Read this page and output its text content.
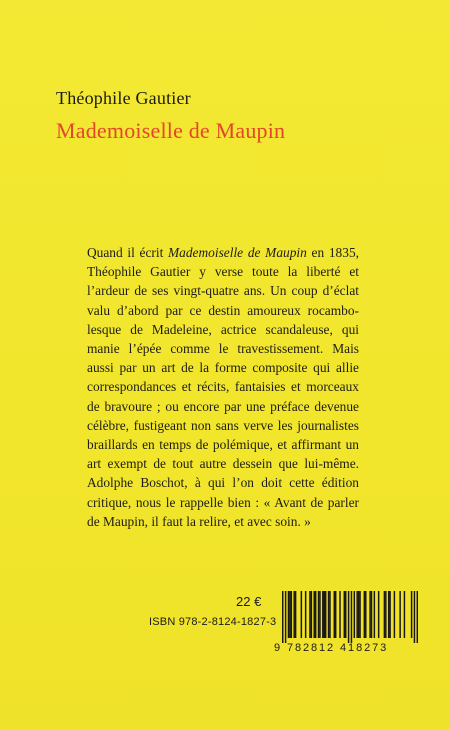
Théophile Gautier
Mademoiselle de Maupin
Quand il écrit Mademoiselle de Maupin en 1835,
Théophile Gautier y verse toute la liberté et
l’ardeur de ses vingt-quatre ans. Un coup d’éclat
valu d’abord par ce destin amoureux rocambo-
lesque de Madeleine, actrice scandaleuse, qui
manie l’épée comme le travestissement. Mais
aussi par un art de la forme composite qui allie
correspondances et récits, fantaisies et morceaux
de bravoure ; ou encore par une préface devenue
célèbre, fustigeant non sans verve les journalistes
braillards en temps de polémique, et affirmant un
art exempt de tout autre dessein que lui-même.
Adolphe Boschot, à qui l’on doit cette édition
critique, nous le rappelle bien : « Avant de parler
de Maupin, il faut la relire, et avec soin. »
22 €
ISBN 978-2-8124-1827-3
9 782812 418273
